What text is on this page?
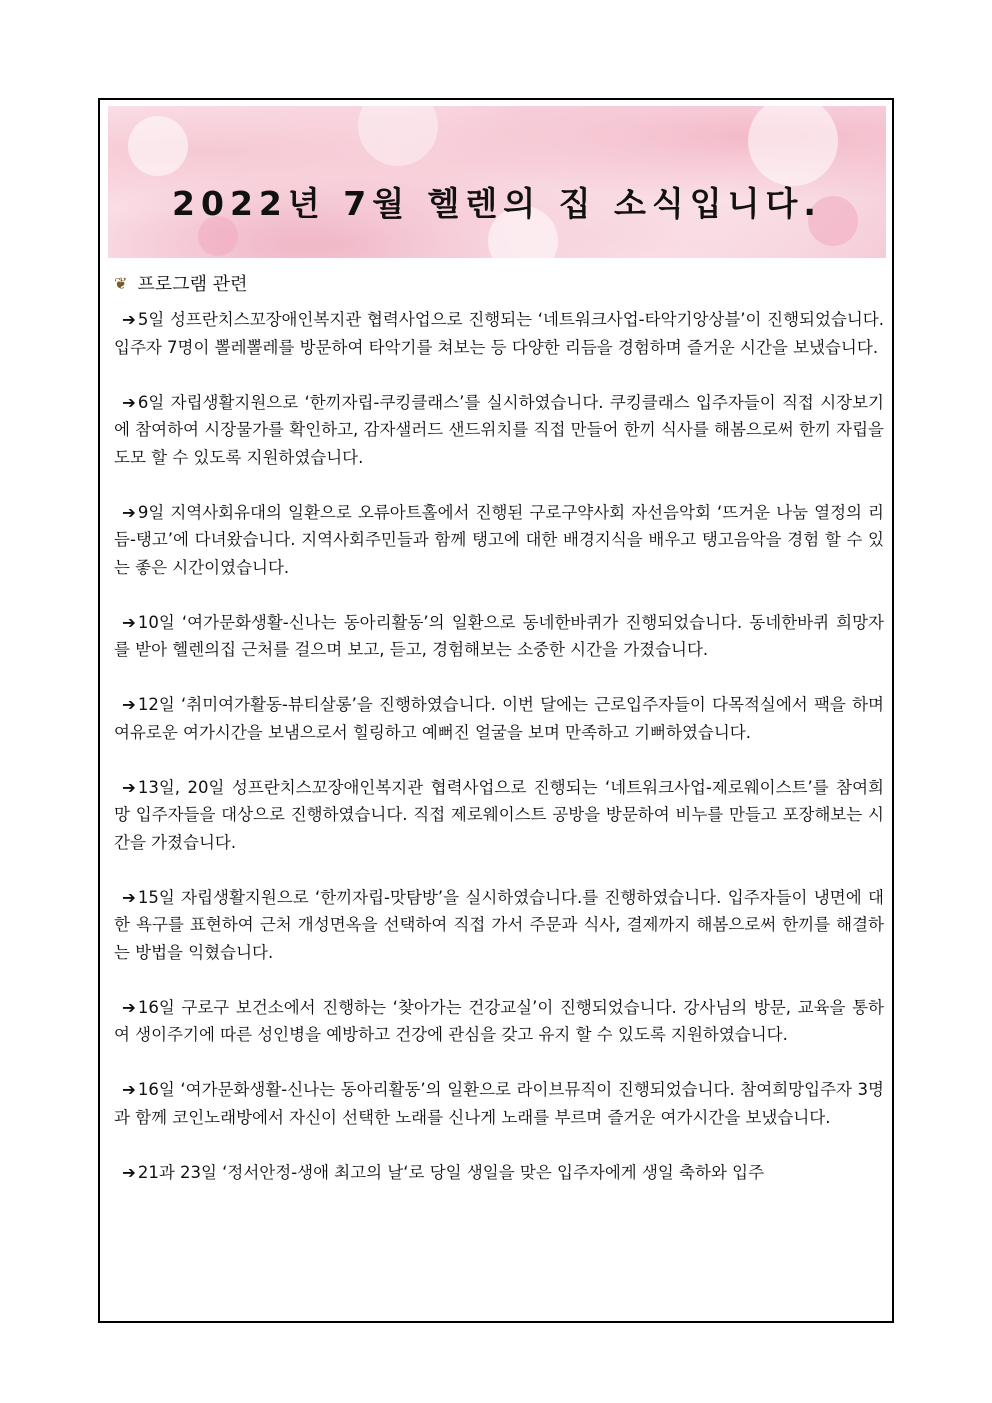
2022년 7월 헬렌의 집 소식입니다.
❦ 프로그램 관련

➔ 5일 성프란치스꼬장애인복지관 협력사업으로 진행되는 ‘네트워크사업-타악기앙상블’이 진행되었습니다. 입주자 7명이 뽈레뽈레를 방문하여 타악기를 쳐보는 등 다양한 리듬을 경험하며 즐거운 시간을 보냈습니다.

➔ 6일 자립생활지원으로 ‘한끼자립-쿠킹클래스’를 실시하였습니다. 쿠킹클래스 입주자들이 직접 시장보기에 참여하여 시장물가를 확인하고, 감자샐러드 샌드위치를 직접 만들어 한끼 식사를 해봄으로써 한끼 자립을 도모 할 수 있도록 지원하였습니다.

➔ 9일 지역사회유대의 일환으로 오류아트홀에서 진행된 구로구약사회 자선음악회 ‘뜨거운 나눔 열정의 리듬-탱고’에 다녀왔습니다. 지역사회주민들과 함께 탱고에 대한 배경지식을 배우고 탱고음악을 경험 할 수 있는 좋은 시간이였습니다.

➔ 10일 ‘여가문화생활-신나는 동아리활동’의 일환으로 동네한바퀴가 진행되었습니다. 동네한바퀴 희망자를 받아 헬렌의집 근처를 걸으며 보고, 듣고, 경험해보는 소중한 시간을 가졌습니다.

➔ 12일 ‘취미여가활동-뷰티살롱’을 진행하였습니다. 이번 달에는 근로입주자들이 다목적실에서 팩을 하며 여유로운 여가시간을 보냄으로서 힐링하고 예뻐진 얼굴을 보며 만족하고 기뻐하였습니다.

➔ 13일, 20일 성프란치스꼬장애인복지관 협력사업으로 진행되는 ‘네트워크사업-제로웨이스트’를 참여희망 입주자들을 대상으로 진행하였습니다. 직접 제로웨이스트 공방을 방문하여 비누를 만들고 포장해보는 시간을 가졌습니다.

➔ 15일 자립생활지원으로 ‘한끼자립-맛탐방’을 실시하였습니다.를 진행하였습니다. 입주자들이 냉면에 대한 욕구를 표현하여 근처 개성면옥을 선택하여 직접 가서 주문과 식사, 결제까지 해봄으로써 한끼를 해결하는 방법을 익혔습니다.

➔ 16일 구로구 보건소에서 진행하는 ‘찾아가는 건강교실’이 진행되었습니다. 강사님의 방문, 교육을 통하여 생이주기에 따른 성인병을 예방하고 건강에 관심을 갖고 유지 할 수 있도록 지원하였습니다.

➔ 16일 ‘여가문화생활-신나는 동아리활동’의 일환으로 라이브뮤직이 진행되었습니다. 참여희망입주자 3명과 함께 코인노래방에서 자신이 선택한 노래를 신나게 노래를 부르며 즐거운 여가시간을 보냈습니다.

➔ 21과 23일 ‘정서안정-생애 최고의 날‘로 당일 생일을 맞은 입주자에게 생일 축하와 입주
